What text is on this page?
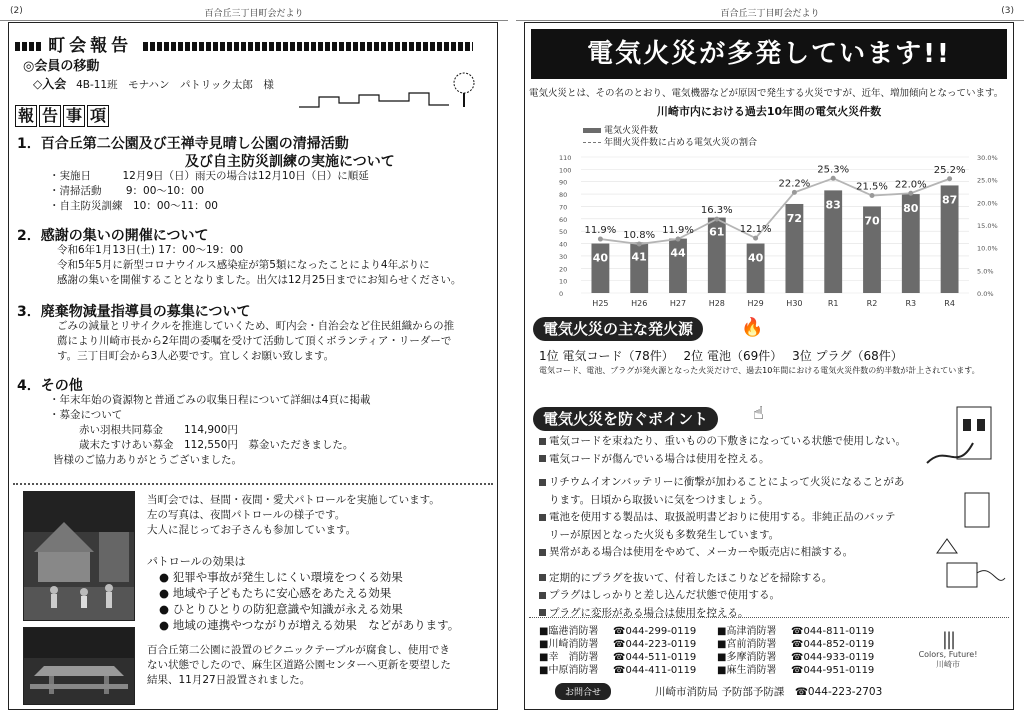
(2)	百合丘三丁目町会だより
町会報告
◎会員の移動
◇入会 4B-11班　モナハン　パトリック太郎　様
報 告 事 項
1．百合丘第二公園及び王禅寺見晴し公園の清掃活動
及び自主防災訓練の実施について
・実施日　　　12月9日（日）雨天の場合は12月10日（日）に順延
・清掃活動　　 9：00～10：00
・自主防災訓練　10：00～11：00
2．感謝の集いの開催について
令和6年1月13日(土) 17：00～19：00
令和5年5月に新型コロナウイルス感染症が第5類になったことにより4年ぶりに
感謝の集いを開催することとなりました。出欠は12月25日までにお知らせください。
3．廃棄物減量指導員の募集について
ごみの減量とリサイクルを推進していくため、町内会・自治会など住民組織からの推
薦により川崎市長から2年間の委嘱を受けて活動して頂くボランティア・リーダーで
す。三丁目町会から3人必要です。宜しくお願い致します。
4．その他
・年末年始の資源物と普通ごみの収集日程について詳細は4頁に掲載
・募金について
赤い羽根共同募金　　114,900円
歳末たすけあい募金　112,550円　募金いただきました。
皆様のご協力ありがとうございました。
当町会では、昼間・夜間・愛犬パトロールを実施しています。
左の写真は、夜間パトロールの様子です。
大人に混じってお子さんも参加しています。
パトロールの効果は
● 犯罪や事故が発生しにくい環境をつくる効果
● 地域や子どもたちに安心感をあたえる効果
● ひとりひとりの防犯意識や知識が永える効果
● 地域の連携やつながりが増える効果　などがあります。
百合丘第二公園に設置のピクニックテーブルが腐食し、使用でき
ない状態でしたので、麻生区道路公園センターへ更新を要望した
結果、11月27日設置されました。
百合丘三丁目町会だより	(3)
電気火災が多発しています!!
電気火災とは、その名のとおり、電気機器などが原因で発生する火災ですが、近年、増加傾向となっています。
川崎市内における過去10年間の電気火災件数
電気火災件数
年間火災件数に占める電気火災の割合
110
100
90
80
70
60
50
40
30
20
10
0
30.0%
25.0%
20.0%
15.0%
10.0%
5.0%
0.0%
40
H25
41
H26
44
H27
61
H28
40
H29
72
H30
83
R1
70
R2
80
R3
87
R4
11.9% 10.8% 11.9%
16.3%
12.1%
22.2%
25.3%
21.5% 22.0%
25.2%
電気火災の主な発火源	🔥
1位 電気コード（78件）　 2位 電池（69件）　 3位 プラグ（68件）
電気コード、電池、プラグが発火源となった火災だけで、過去10年間における電気火災件数の約半数が計上されています。
電気火災を防ぐポイント	☝
電気コードを束ねたり、重いものの下敷きになっている状態で使用しない。
電気コードが傷んでいる場合は使用を控える。
リチウムイオンバッテリーに衝撃が加わることによって火災になることがあ
ります。日頃から取扱いに気をつけましょう。
電池を使用する製品は、取扱説明書どおりに使用する。非純正品のバッテ
リーが原因となった火災も多数発生しています。
異常がある場合は使用をやめて、メーカーや販売店に相談する。
定期的にプラグを抜いて、付着したほこりなどを掃除する。
プラグはしっかりと差し込んだ状態で使用する。
プラグに変形がある場合は使用を控える。
■臨港消防署	☎044-299-0119	■高津消防署	☎044-811-0119
■川崎消防署	☎044-223-0119	■宮前消防署	☎044-852-0119
■幸　消防署	☎044-511-0119	■多摩消防署	☎044-933-0119
■中原消防署	☎044-411-0119	■麻生消防署	☎044-951-0119
|||
Colors, Future!
川崎市
お問合せ	川崎市消防局 予防部予防課　☎044-223-2703
